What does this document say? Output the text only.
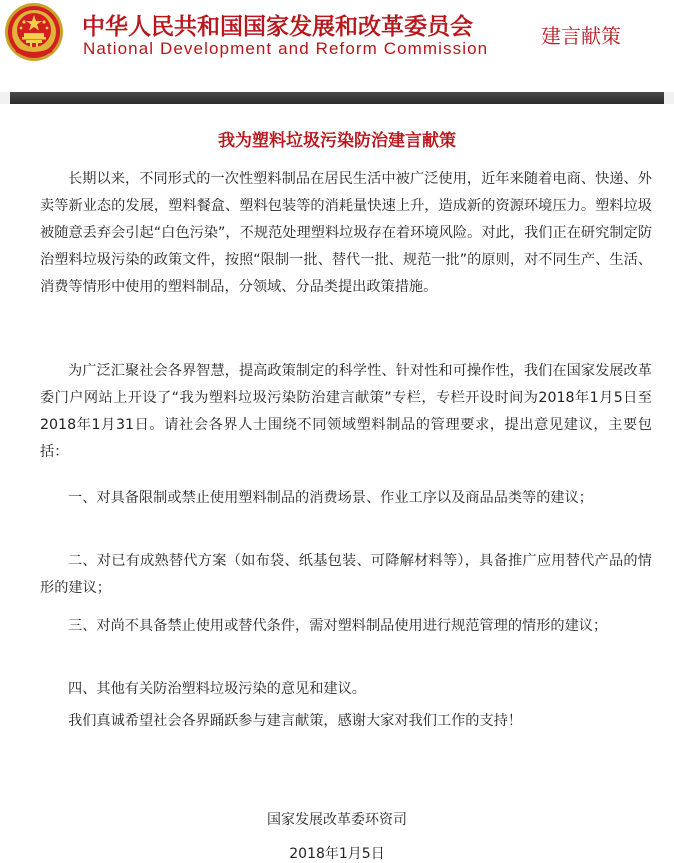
中华人民共和国国家发展和改革委员会
National Development and Reform Commission
建言献策
我为塑料垃圾污染防治建言献策

长期以来，不同形式的一次性塑料制品在居民生活中被广泛使用，近年来随着电商、快递、外卖等新业态的发展，塑料餐盒、塑料包装等的消耗量快速上升，造成新的资源环境压力。塑料垃圾被随意丢弃会引起“白色污染”，不规范处理塑料垃圾存在着环境风险。对此，我们正在研究制定防治塑料垃圾污染的政策文件，按照“限制一批、替代一批、规范一批”的原则，对不同生产、生活、消费等情形中使用的塑料制品，分领域、分品类提出政策措施。

为广泛汇聚社会各界智慧，提高政策制定的科学性、针对性和可操作性，我们在国家发展改革委门户网站上开设了“我为塑料垃圾污染防治建言献策”专栏，专栏开设时间为2018年1月5日至2018年1月31日。请社会各界人士围绕不同领域塑料制品的管理要求，提出意见建议，主要包括：

一、对具备限制或禁止使用塑料制品的消费场景、作业工序以及商品品类等的建议；

二、对已有成熟替代方案（如布袋、纸基包装、可降解材料等），具备推广应用替代产品的情形的建议；

三、对尚不具备禁止使用或替代条件，需对塑料制品使用进行规范管理的情形的建议；

四、其他有关防治塑料垃圾污染的意见和建议。

我们真诚希望社会各界踊跃参与建言献策，感谢大家对我们工作的支持！

国家发展改革委环资司
2018年1月5日
